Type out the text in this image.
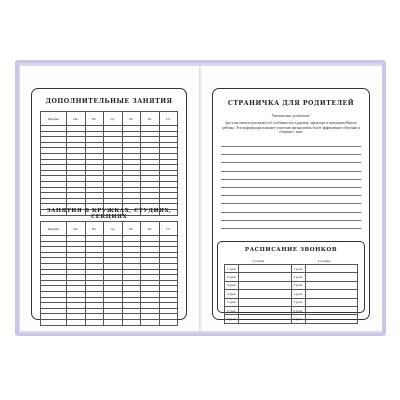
ДОПОЛНИТЕЛЬНЫЕ ЗАНЯТИЯ
Предмет	Пн.	Вт.	Ср.	Чт.	Пт.	Сб.

ЗАНЯТИЯ В КРУЖКАХ, СТУДИЯХ, СЕКЦИЯХ
Предмет	Пн.	Вт.	Ср.	Чт.	Пт.	Сб.

СТРАНИЧКА ДЛЯ РОДИТЕЛЕЙ
Уважаемые родители!
Здесь вы можете рассказать об особенностях здоровья, характера и поведения Вашего ребенка. Эта информация поможет учителям организовать более эффективное обучение и общение с ним.
РАСПИСАНИЕ ЗВОНКОВ
1-я смена		2-я смена	
1 урок		1 урок	
2 урок		2 урок	
3 урок		3 урок	
4 урок		4 урок	
5 урок		5 урок	
6 урок		6 урок	
7 урок		7 урок	
